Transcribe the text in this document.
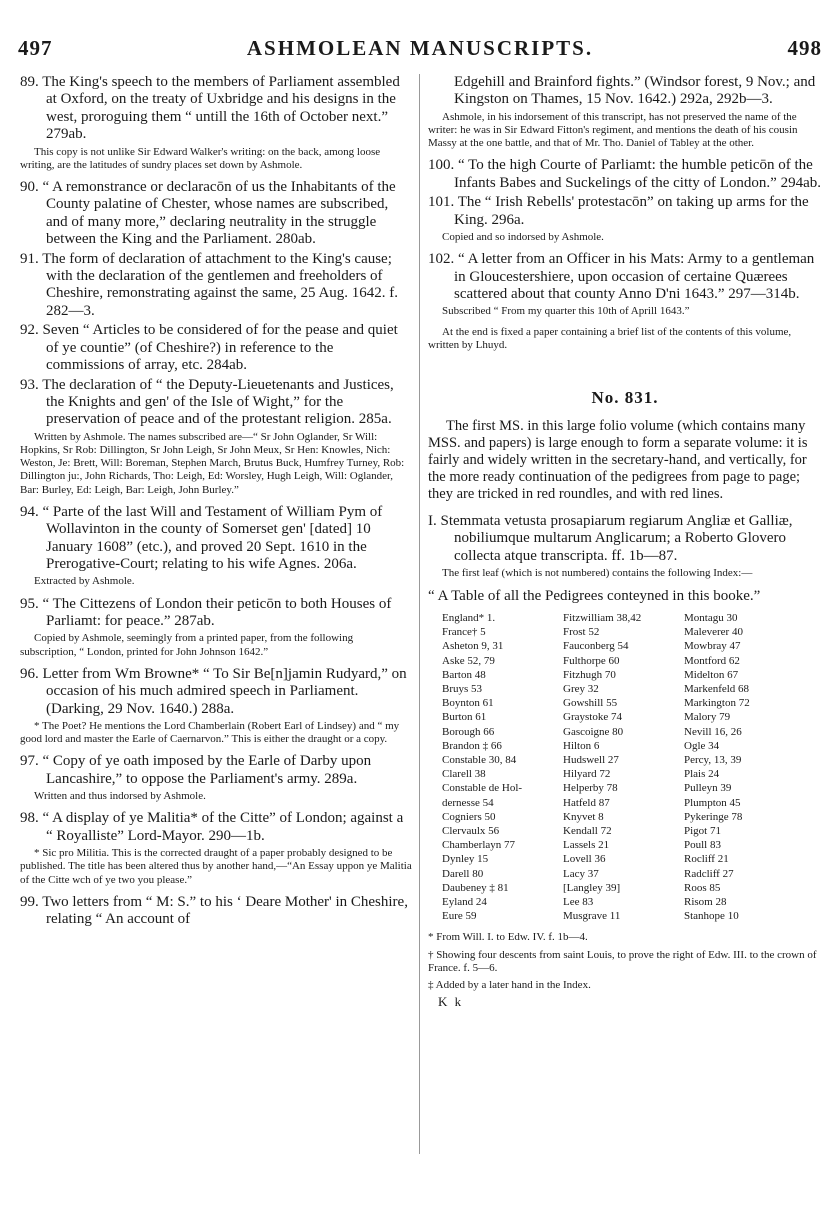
497	ASHMOLEAN MANUSCRIPTS.	498

89. The King's speech to the members of Parliament assembled at Oxford, on the treaty of Uxbridge and his designs in the west, proroguing them “ untill the 16th of October next.” 279ab.

This copy is not unlike Sir Edward Walker's writing: on the back, among loose writing, are the latitudes of sundry places set down by Ashmole.

90. “ A remonstrance or declaracōn of us the Inhabitants of the County palatine of Chester, whose names are subscribed, and of many more,” declaring neutrality in the struggle between the King and the Parliament. 280ab.

91. The form of declaration of attachment to the King's cause; with the declaration of the gentlemen and freeholders of Cheshire, remonstrating against the same, 25 Aug. 1642. f. 282—3.

92. Seven “ Articles to be considered of for the pease and quiet of ye countie” (of Cheshire?) in reference to the commissions of array, etc. 284ab.

93. The declaration of “ the Deputy-Lieuetenants and Justices, the Knights and gen' of the Isle of Wight,” for the preservation of peace and of the protestant religion. 285a.

Written by Ashmole. The names subscribed are—“ Sr John Oglander, Sr Will: Hopkins, Sr Rob: Dillington, Sr John Leigh, Sr John Meux, Sr Hen: Knowles, Nich: Weston, Je: Brett, Will: Boreman, Stephen March, Brutus Buck, Humfrey Turney, Rob: Dillington ju:, John Richards, Tho: Leigh, Ed: Worsley, Hugh Leigh, Will: Oglander, Bar: Burley, Ed: Leigh, Bar: Leigh, John Burley.”

94. “ Parte of the last Will and Testament of William Pym of Wollavinton in the county of Somerset gen' [dated] 10 January 1608” (etc.), and proved 20 Sept. 1610 in the Prerogative-Court; relating to his wife Agnes. 206a.

Extracted by Ashmole.

95. “ The Cittezens of London their peticōn to both Houses of Parliamt: for peace.” 287ab.

Copied by Ashmole, seemingly from a printed paper, from the following subscription, “ London, printed for John Johnson 1642.”

96. Letter from Wm Browne* “ To Sir Be[n]jamin Rudyard,” on occasion of his much admired speech in Parliament. (Darking, 29 Nov. 1640.) 288a.

* The Poet? He mentions the Lord Chamberlain (Robert Earl of Lindsey) and “ my good lord and master the Earle of Caernarvon.” This is either the draught or a copy.

97. “ Copy of ye oath imposed by the Earle of Darby upon Lancashire,” to oppose the Parliament's army. 289a.

Written and thus indorsed by Ashmole.

98. “ A display of ye Malitia* of the Citte” of London; against a “ Royalliste” Lord-Mayor. 290—1b.

* Sic pro Militia. This is the corrected draught of a paper probably designed to be published. The title has been altered thus by another hand,—“An Essay uppon ye Malitia of the Citte wch of ye two you please.”

99. Two letters from “ M: S.” to his ‘ Deare Mother' in Cheshire, relating “ An account of

Edgehill and Brainford fights.” (Windsor forest, 9 Nov.; and Kingston on Thames, 15 Nov. 1642.) 292a, 292b—3.

Ashmole, in his indorsement of this transcript, has not preserved the name of the writer: he was in Sir Edward Fitton's regiment, and mentions the death of his cousin Massy at the one battle, and that of Mr. Tho. Daniel of Tabley at the other.

100. “ To the high Courte of Parliamt: the humble peticōn of the Infants Babes and Suckelings of the citty of London.” 294ab.

101. The “ Irish Rebells' protestacōn” on taking up arms for the King. 296a.

Copied and so indorsed by Ashmole.

102. “ A letter from an Officer in his Mats: Army to a gentleman in Gloucestershiere, upon occasion of certaine Quærees scattered about that county Anno D'ni 1643.” 297—314b.

Subscribed “ From my quarter this 10th of Aprill 1643.”

At the end is fixed a paper containing a brief list of the contents of this volume, written by Lhuyd.

No. 831.

The first MS. in this large folio volume (which contains many MSS. and papers) is large enough to form a separate volume: it is fairly and widely written in the secretary-hand, and vertically, for the more ready continuation of the pedigrees from page to page; they are tricked in red roundles, and with red lines.

I. Stemmata vetusta prosapiarum regiarum Angliæ et Galliæ, nobiliumque multarum Anglicarum; a Roberto Glovero collecta atque transcripta. ff. 1b—87.

The first leaf (which is not numbered) contains the following Index:—

“ A Table of all the Pedigrees conteyned in this booke.”

England* 1.
France† 5
Asheton 9, 31
Aske 52, 79
Barton 48
Bruys 53
Boynton 61
Burton 61
Borough 66
Brandon ‡ 66
Constable 30, 84
Clarell 38
Constable de Hol-
dernesse 54
Cogniers 50
Clervaulx 56
Chamberlayn 77
Dynley 15
Darell 80
Daubeney ‡ 81
Eyland 24
Eure 59
Fitzwilliam 38,42
Frost 52
Fauconberg 54
Fulthorpe 60
Fitzhugh 70
Grey 32
Gowshill 55
Graystoke 74
Gascoigne 80
Hilton 6
Hudswell 27
Hilyard 72
Helperby 78
Hatfeld 87
Knyvet 8
Kendall 72
Lassels 21
Lovell 36
Lacy 37
[Langley 39]
Lee 83
Musgrave 11
Montagu 30
Maleverer 40
Mowbray 47
Montford 62
Midelton 67
Markenfeld 68
Markington 72
Malory 79
Nevill 16, 26
Ogle 34
Percy, 13, 39
Plais 24
Pulleyn 39
Plumpton 45
Pykeringe 78
Pigot 71
Poull 83
Rocliff 21
Radcliff 27
Roos 85
Risom 28
Stanhope 10

* From Will. I. to Edw. IV. f. 1b—4.

† Showing four descents from saint Louis, to prove the right of Edw. III. to the crown of France. f. 5—6.

‡ Added by a later hand in the Index.

K k
